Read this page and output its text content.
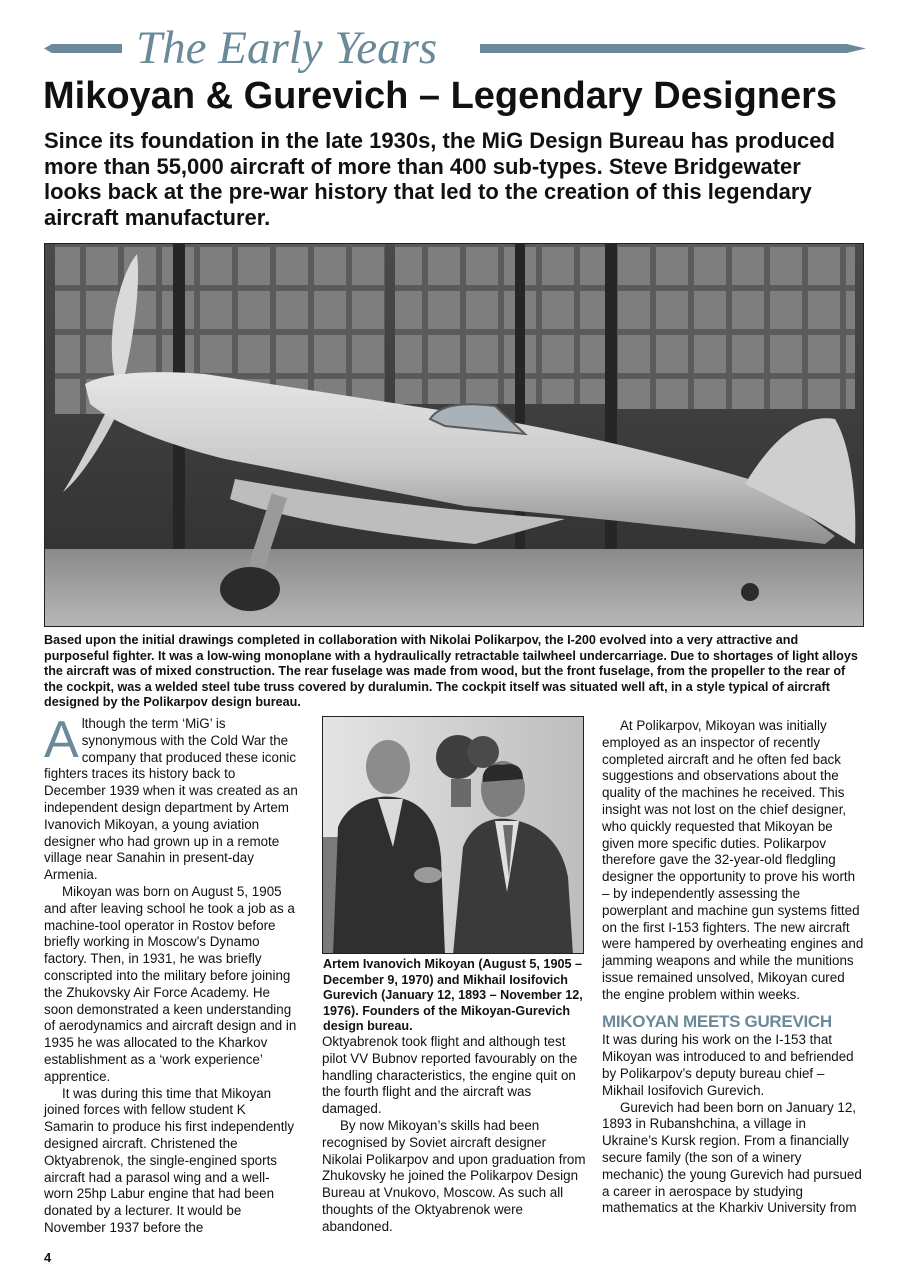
The Early Years
Mikoyan & Gurevich – Legendary Designers

Since its foundation in the late 1930s, the MiG Design Bureau has produced more than 55,000 aircraft of more than 400 sub-types. Steve Bridgewater looks back at the pre-war history that led to the creation of this legendary aircraft manufacturer.

Based upon the initial drawings completed in collaboration with Nikolai Polikarpov, the I-200 evolved into a very attractive and purposeful fighter. It was a low-wing monoplane with a hydraulically retractable tailwheel undercarriage. Due to shortages of light alloys the aircraft was of mixed construction. The rear fuselage was made from wood, but the front fuselage, from the propeller to the rear of the cockpit, was a welded steel tube truss covered by duralumin. The cockpit itself was situated well aft, in a style typical of aircraft designed by the Polikarpov design bureau.

Although the term ‘MiG’ is synonymous with the Cold War the company that produced these iconic fighters traces its history back to December 1939 when it was created as an independent design department by Artem Ivanovich Mikoyan, a young aviation designer who had grown up in a remote village near Sanahin in present-day Armenia.

Mikoyan was born on August 5, 1905 and after leaving school he took a job as a machine-tool operator in Rostov before briefly working in Moscow’s Dynamo factory. Then, in 1931, he was briefly conscripted into the military before joining the Zhukovsky Air Force Academy. He soon demonstrated a keen understanding of aerodynamics and aircraft design and in 1935 he was allocated to the Kharkov establishment as a ‘work experience’ apprentice.

It was during this time that Mikoyan joined forces with fellow student K Samarin to produce his first independently designed aircraft. Christened the Oktyabrenok, the single-engined sports aircraft had a parasol wing and a well-worn 25hp Labur engine that had been donated by a lecturer. It would be November 1937 before the

Artem Ivanovich Mikoyan (August 5, 1905 – December 9, 1970) and Mikhail Iosifovich Gurevich (January 12, 1893 – November 12, 1976). Founders of the Mikoyan-Gurevich design bureau.

Oktyabrenok took flight and although test pilot VV Bubnov reported favourably on the handling characteristics, the engine quit on the fourth flight and the aircraft was damaged.

By now Mikoyan’s skills had been recognised by Soviet aircraft designer Nikolai Polikarpov and upon graduation from Zhukovsky he joined the Polikarpov Design Bureau at Vnukovo, Moscow. As such all thoughts of the Oktyabrenok were abandoned.

At Polikarpov, Mikoyan was initially employed as an inspector of recently completed aircraft and he often fed back suggestions and observations about the quality of the machines he received. This insight was not lost on the chief designer, who quickly requested that Mikoyan be given more specific duties. Polikarpov therefore gave the 32-year-old fledgling designer the opportunity to prove his worth – by independently assessing the powerplant and machine gun systems fitted on the first I-153 fighters. The new aircraft were hampered by overheating engines and jamming weapons and while the munitions issue remained unsolved, Mikoyan cured the engine problem within weeks.

MIKOYAN MEETS GUREVICH

It was during his work on the I-153 that Mikoyan was introduced to and befriended by Polikarpov’s deputy bureau chief – Mikhail Iosifovich Gurevich.

Gurevich had been born on January 12, 1893 in Rubanshchina, a village in Ukraine’s Kursk region. From a financially secure family (the son of a winery mechanic) the young Gurevich had pursued a career in aerospace by studying mathematics at the Kharkiv University from

4
